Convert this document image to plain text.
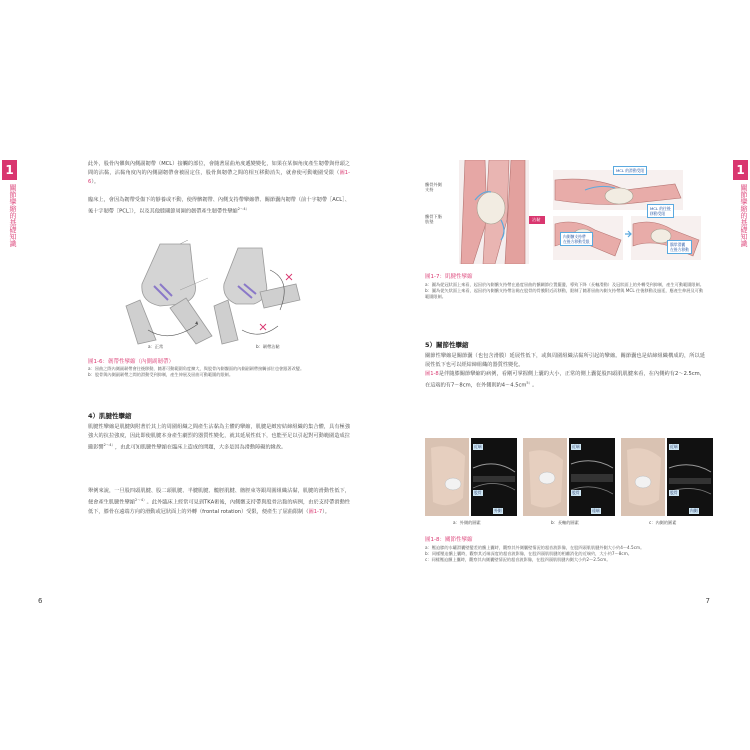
1
關節攣縮的基礎知識

此外，股骨內髁與內側副韌帶（MCL）接觸的部位，會隨著屈曲角度遞變變化，如果在某個角度產生韌帶與骨頭之間的沾黏，沾黏角度內的內側副韌帶會被固定住，股骨與韌帶之間的相互移動消失，就會使可動範圍受限（圖1-6）。

臨床上，會因為韌帶受傷下的靜養或不動，使得髕韌帶、內側支持帶攣縮帶、關節囊內韌帶（前十字韌帶［ACL］、後十字韌帶［PCL］），以及其他膝關節周圍的韌帶產生韌帶性攣縮$^{2\sim 4)}$

a：正常	b：韌帶沾黏
圖1-6：韌帶性攣縮（內側副韌帶）
a：屈曲之際內側副韌帶會往後移動，隨著可動範圍角度擴大，與股骨內側髁面的內側副韌帶接觸部位也會跟著改變。
b：股骨與內側副韌帶之間的滑動受到抑制，產生伸展及屈曲可動範圍的限制。
4）肌腱性攣縮

肌腱性攣縮是肌腱與附著於其上的周圍組織之間產生沾黏為主體的攣縮，肌腱是緻密結締組織的集合體，具有極強強大的抗拉強度，因此即使肌腱本身產生劇烈的器質性變化，就其延展性低下，也能至足以引起對可動範圍造成拉攏影響$^{2\sim 4)}$，由此可知肌腱性攣縮在臨床上造成的問題，大多是因為滑動障礙的緣故。

舉例來說，一旦股四頭肌腱、股二頭肌腱、半腱肌腱、髖脛肌腱、髂脛束等跟周圍組織沾黏，肌腱的滑動性低下，便會產生肌腱性攣縮$^{2\sim 4)}$。此外臨床上經常可見到TKA術後，內側髕支持帶與股骨沾黏的病例，由於支持帶滑動性低下，膝骨在遠端方向的滑動或冠狀面上的外轉（frontal rotation）受限，便產生了屈曲限制（圖1-7）。

6
1
關節攣縮的基礎知識
MCL 的滑動受限
髕骨外側
支持
髕骨下脂
肪墊	沾黏
內側髕支持帶
在後方移動受限
MCL 的往後
移動受限
鵝掌滑囊
在後方移動
圖1-7：肌腱性攣縮
a：圖為從冠狀面上來看，起因於內側髕支持帶在過度屈曲的髕關節位置擺盪，導致下降（長軸滑動）及冠狀面上的外轉受到抑制，產生可動範圍限制。
b：圖為從矢狀面上來看，起因於內側髕支持帶沾黏在股骨的骨膜附近而移動，限制了隨著屈曲內側支持帶與 MCL 往後移動及過延，應產生伸展及可動範圍限制。
5）關節性攣縮

關節性攣縮是關節囊（也包含滑膜）延展性低下，或與周圍組織沾黏所引起的攣縮。關節囊也是結締組織構成的，所以延展性低下也可以經結締組織的器質性變化。

圖1-8是伴隨膝關節攣縮的病例，看剛可掌握側上囊的大小，正常的側上囊從股四頭肌肌腱來看，在內側約有2～2.5cm，在這端的有7～8cm，在外側則約$4\sim 4.5cm^{5)}$。

近端
股骨
外側
近端
股骨
遠端
近端
股骨
內側
a：外側的圓素	b：長軸的圓素	c：內側的圓素
圖1-8：關節性攣縮
a：壓迫膝的水罐滑囊壁變差的髕上囊時，觀察其外側囊壁情況的超音波影像，在股四頭肌肌腱外側大小約4～4.5cm。
b：同樣壓迫髕上囊時，觀察其近端深度的超音波影像，在股四頭肌肌腱的相離消化的近端約，大小約7～8cm。
c：同樣壓迫髕上囊時，觀察其內側囊壁情況的超音波影像，在股四頭肌肌腱內側大小約2～2.5cm。
7
